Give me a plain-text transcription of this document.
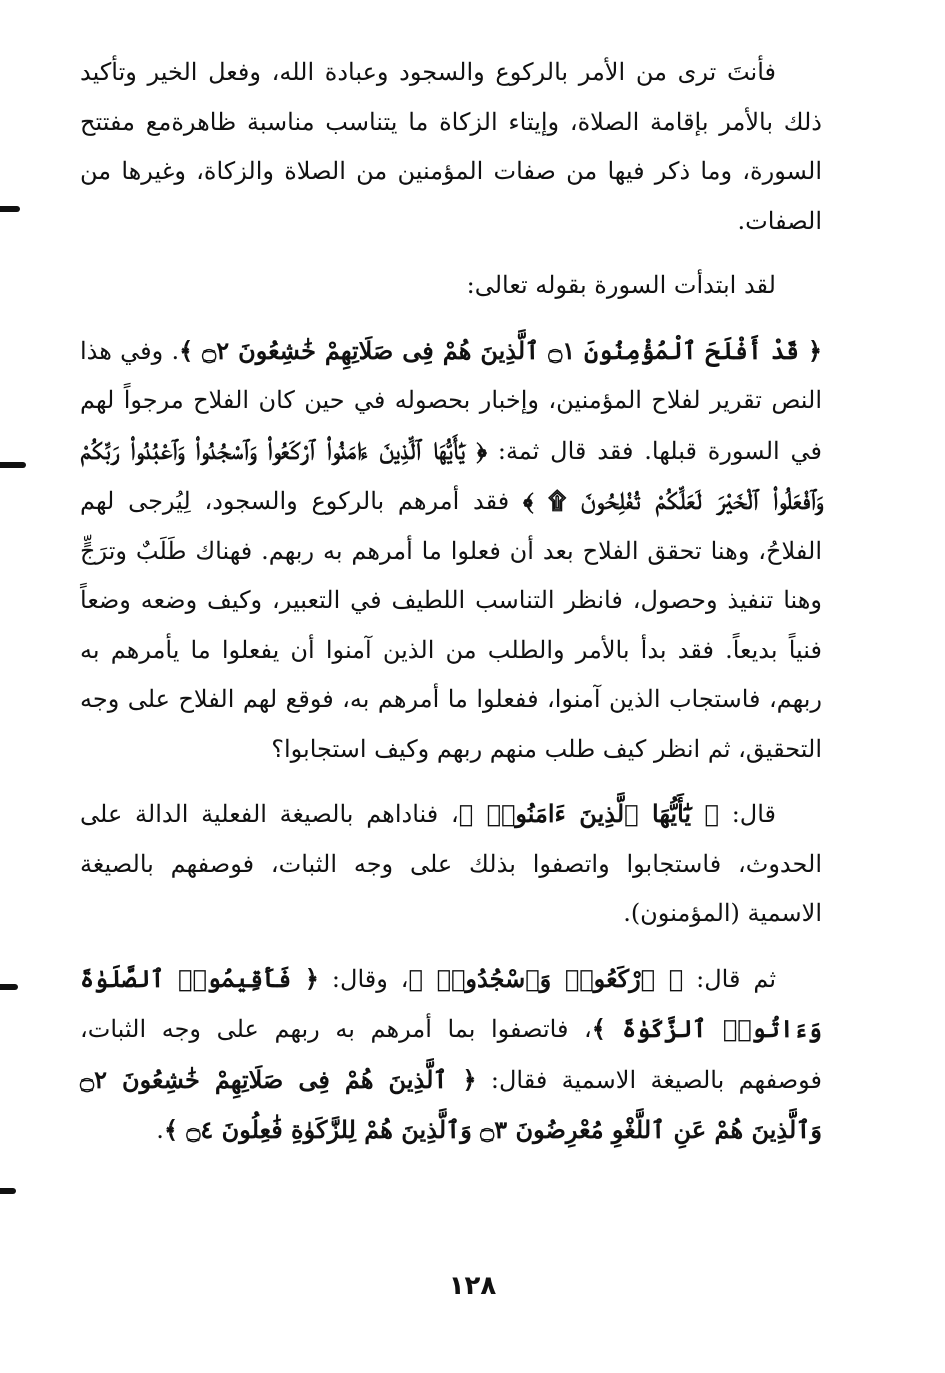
فأنتَ ترى من الأمر بالركوع والسجود وعبادة الله، وفعل الخير وتأكيد ذلك بالأمر بإقامة الصلاة، وإيتاء الزكاة ما يتناسب مناسبة ظاهرةمع مفتتح السورة، وما ذكر فيها من صفات المؤمنين من الصلاة والزكاة، وغيرها من الصفات.

لقد ابتدأت السورة بقوله تعالى:

﴿ قَدْ أَفْلَحَ ٱلْمُؤْمِنُونَ ۝١ ٱلَّذِينَ هُمْ فِى صَلَاتِهِمْ خَٰشِعُونَ ۝٢ ﴾. وفي هذا النص تقرير لفلاح المؤمنين، وإخبار بحصوله في حين كان الفلاح مرجواً لهم في السورة قبلها. فقد قال ثمة: ﴿ يَٰٓأَيُّهَا ٱلَّذِينَ ءَامَنُوا۟ ٱرْكَعُوا۟ وَٱسْجُدُوا۟ وَٱعْبُدُوا۟ رَبَّكُمْ وَٱفْعَلُوا۟ ٱلْخَيْرَ لَعَلَّكُمْ تُفْلِحُونَ ۩ ﴾ فقد أمرهم بالركوع والسجود، لِيُرجى لهم الفلاحُ، وهنا تحقق الفلاح بعد أن فعلوا ما أمرهم به ربهم. فهناك طَلَبٌ وترَجٍّ وهنا تنفيذ وحصول، فانظر التناسب اللطيف في التعبير، وكيف وضعه وضعاً فنياً بديعاً. فقد بدأ بالأمر والطلب من الذين آمنوا أن يفعلوا ما يأمرهم به ربهم، فاستجاب الذين آمنوا، ففعلوا ما أمرهم به، فوقع لهم الفلاح على وجه التحقيق، ثم انظر كيف طلب منهم ربهم وكيف استجابوا؟

قال: ﴿ يَٰٓأَيُّهَا ٱلَّذِينَ ءَامَنُوا۟ ﴾، فناداهم بالصيغة الفعلية الدالة على الحدوث، فاستجابوا واتصفوا بذلك على وجه الثبات، فوصفهم بالصيغة الاسمية (المؤمنون).

ثم قال: ﴿ ٱرْكَعُوا۟ وَٱسْجُدُوا۟ ﴾، وقال: ﴿ فَأَقِيمُوا۟ ٱلصَّلَوٰةَ وَءَاتُوا۟ ٱلزَّكَوٰةَ ﴾، فاتصفوا بما أمرهم به ربهم على وجه الثبات، فوصفهم بالصيغة الاسمية فقال: ﴿ ٱلَّذِينَ هُمْ فِى صَلَاتِهِمْ خَٰشِعُونَ ۝٢ وَٱلَّذِينَ هُمْ عَنِ ٱللَّغْوِ مُعْرِضُونَ ۝٣ وَٱلَّذِينَ هُمْ لِلزَّكَوٰةِ فَٰعِلُونَ ۝٤ ﴾.

١٢٨
